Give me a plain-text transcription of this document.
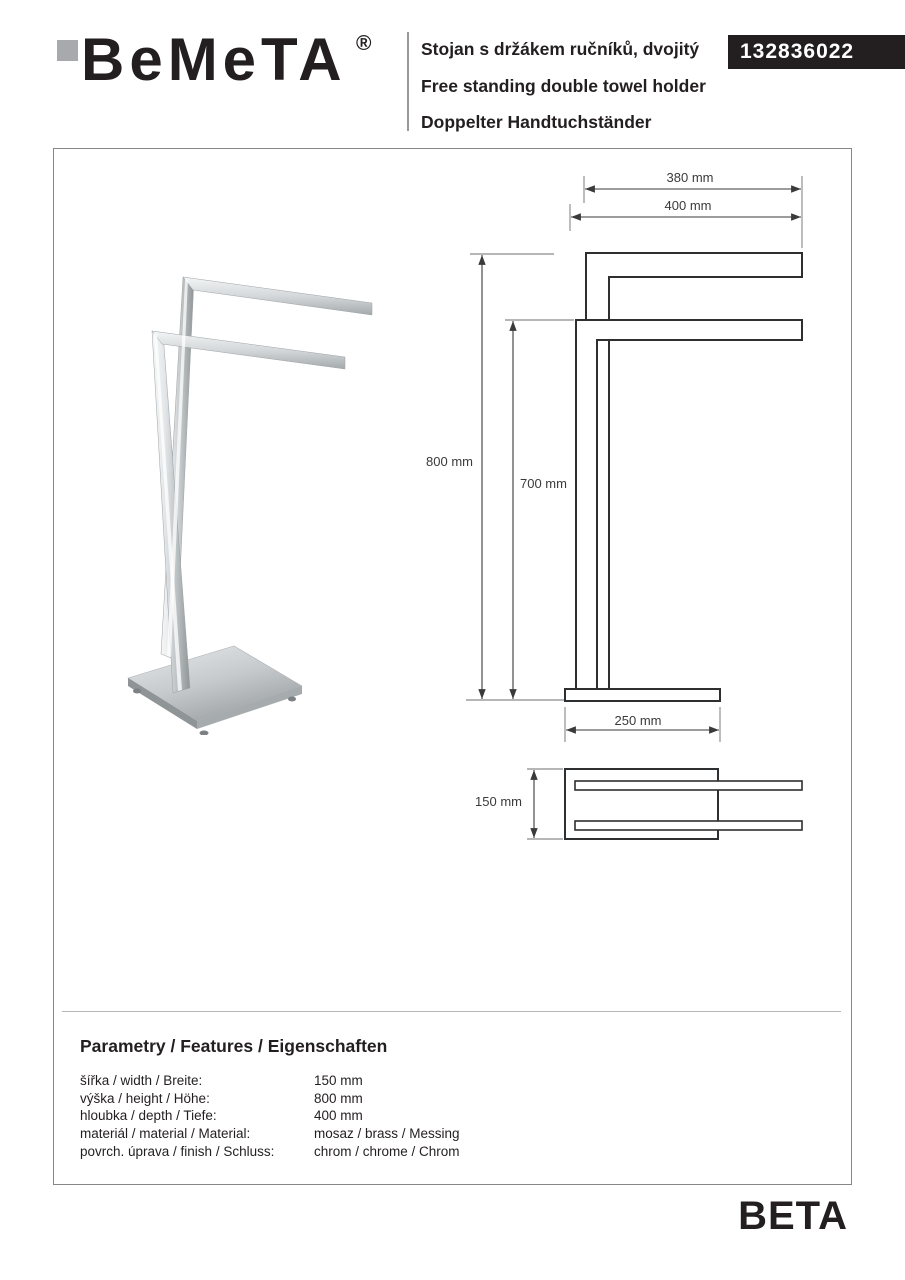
BeMeTA ®	Stojan s držákem ručníků, dvojitý
Free standing double towel holder
Doppelter Handtuchständer
132836022
380 mm
400 mm
800 mm
700 mm
250 mm
150 mm
Parametry / Features / Eigenschaften
šířka / width / Breite:	150 mm
výška / height / Höhe:	800 mm
hloubka / depth / Tiefe:	400 mm
materiál / material / Material:	mosaz / brass / Messing
povrch. úprava / finish / Schluss:	chrom / chrome / Chrom
BETA
